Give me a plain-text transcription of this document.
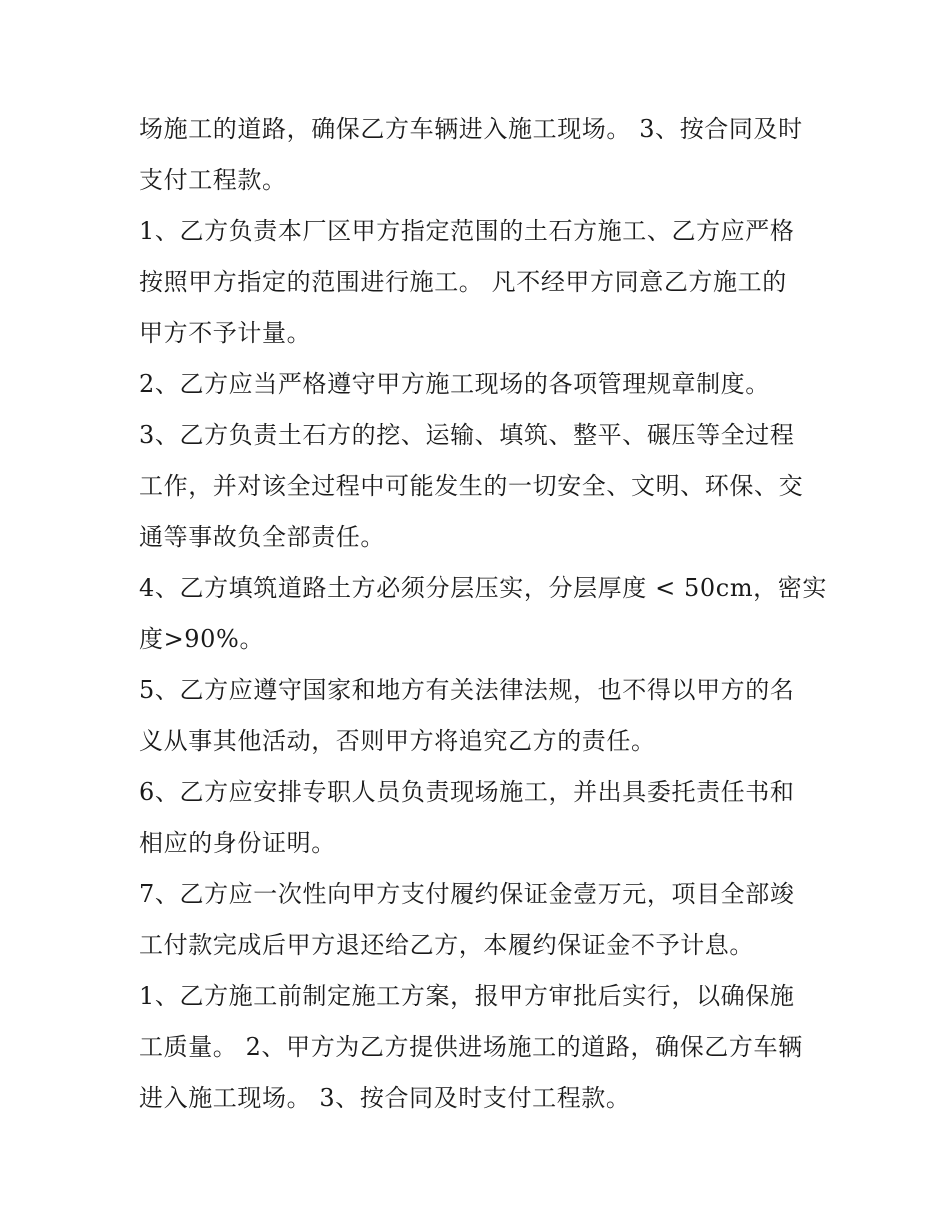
场施工的道路，确保乙方车辆进入施工现场。 3、按合同及时
支付工程款。
1、乙方负责本厂区甲方指定范围的土石方施工、乙方应严格
按照甲方指定的范围进行施工。 凡不经甲方同意乙方施工的
甲方不予计量。
2、乙方应当严格遵守甲方施工现场的各项管理规章制度。
3、乙方负责土石方的挖、运输、填筑、整平、碾压等全过程
工作，并对该全过程中可能发生的一切安全、文明、环保、交
通等事故负全部责任。
4、乙方填筑道路土方必须分层压实，分层厚度 < 50cm，密实
度>90%。
5、乙方应遵守国家和地方有关法律法规，也不得以甲方的名
义从事其他活动，否则甲方将追究乙方的责任。
6、乙方应安排专职人员负责现场施工，并出具委托责任书和
相应的身份证明。
7、乙方应一次性向甲方支付履约保证金壹万元，项目全部竣
工付款完成后甲方退还给乙方，本履约保证金不予计息。
1、乙方施工前制定施工方案，报甲方审批后实行，以确保施
工质量。 2、甲方为乙方提供进场施工的道路，确保乙方车辆
进入施工现场。 3、按合同及时支付工程款。
